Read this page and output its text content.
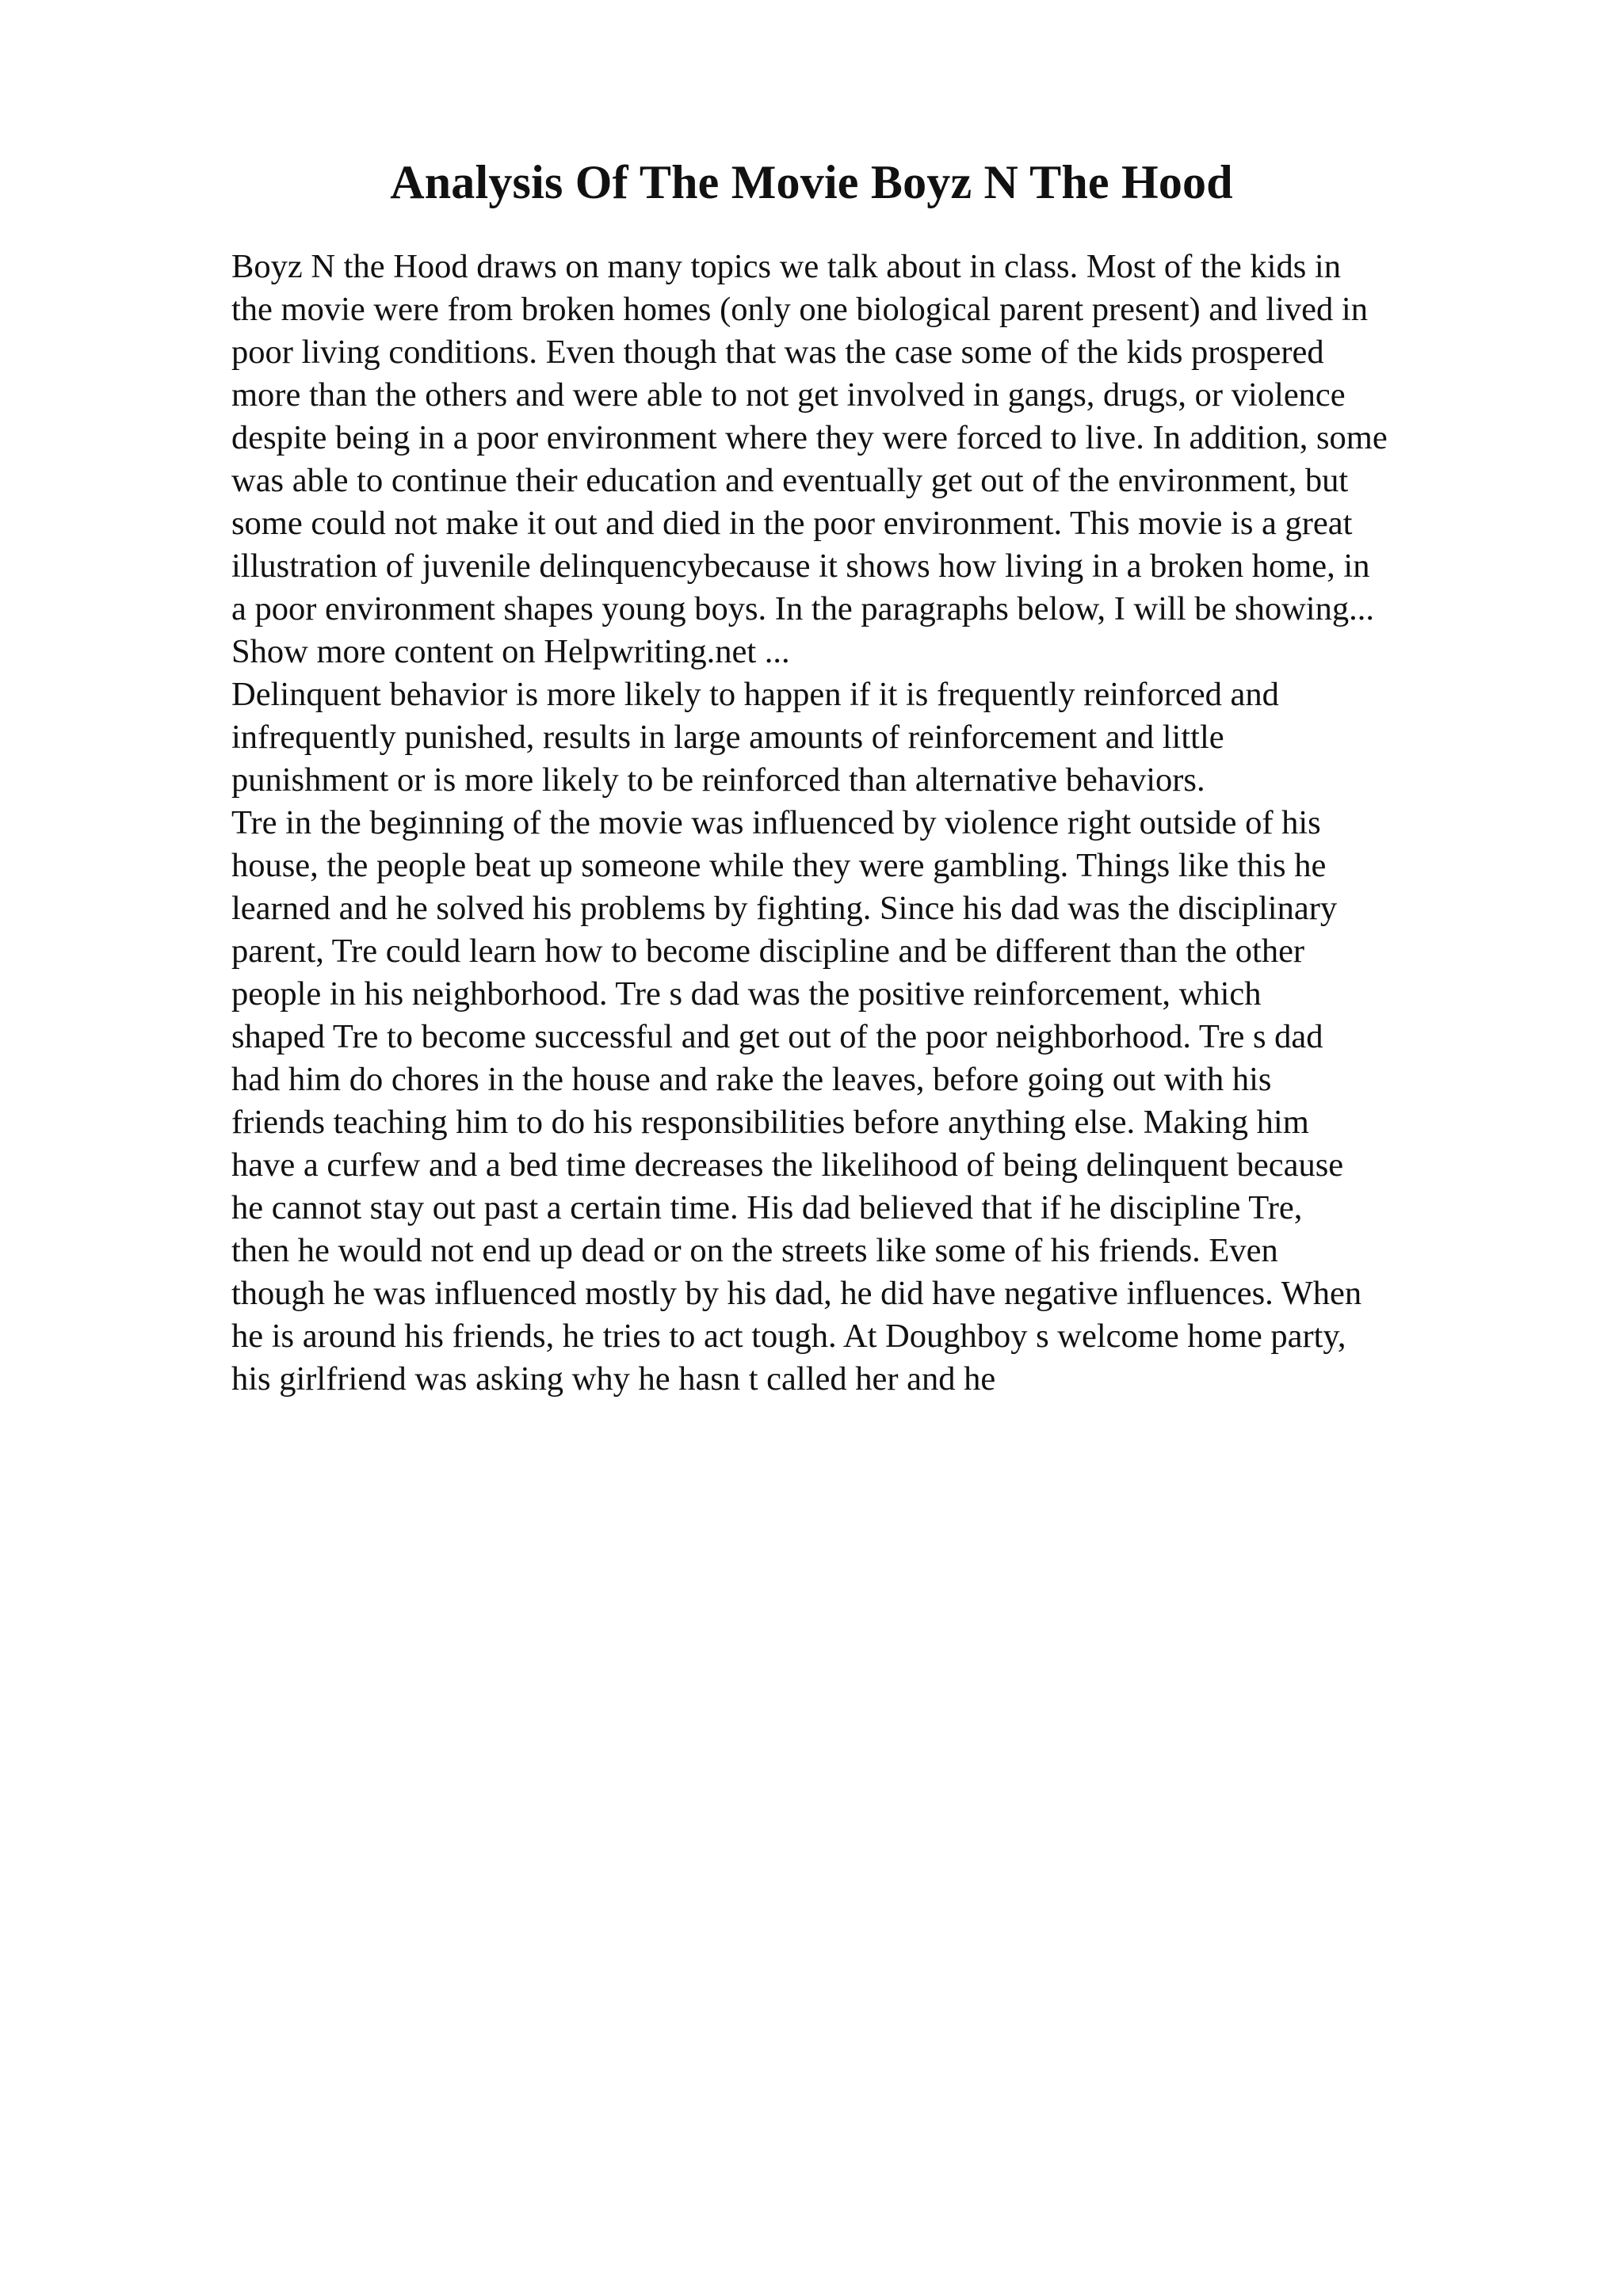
Analysis Of The Movie Boyz N The Hood
Boyz N the Hood draws on many topics we talk about in class. Most of the kids in
the movie were from broken homes (only one biological parent present) and lived in
poor living conditions. Even though that was the case some of the kids prospered
more than the others and were able to not get involved in gangs, drugs, or violence
despite being in a poor environment where they were forced to live. In addition, some
was able to continue their education and eventually get out of the environment, but
some could not make it out and died in the poor environment. This movie is a great
illustration of juvenile delinquencybecause it shows how living in a broken home, in
a poor environment shapes young boys. In the paragraphs below, I will be showing...
Show more content on Helpwriting.net ...
Delinquent behavior is more likely to happen if it is frequently reinforced and
infrequently punished, results in large amounts of reinforcement and little
punishment or is more likely to be reinforced than alternative behaviors.
Tre in the beginning of the movie was influenced by violence right outside of his
house, the people beat up someone while they were gambling. Things like this he
learned and he solved his problems by fighting. Since his dad was the disciplinary
parent, Tre could learn how to become discipline and be different than the other
people in his neighborhood. Tre s dad was the positive reinforcement, which
shaped Tre to become successful and get out of the poor neighborhood. Tre s dad
had him do chores in the house and rake the leaves, before going out with his
friends teaching him to do his responsibilities before anything else. Making him
have a curfew and a bed time decreases the likelihood of being delinquent because
he cannot stay out past a certain time. His dad believed that if he discipline Tre,
then he would not end up dead or on the streets like some of his friends. Even
though he was influenced mostly by his dad, he did have negative influences. When
he is around his friends, he tries to act tough. At Doughboy s welcome home party,
his girlfriend was asking why he hasn t called her and he
